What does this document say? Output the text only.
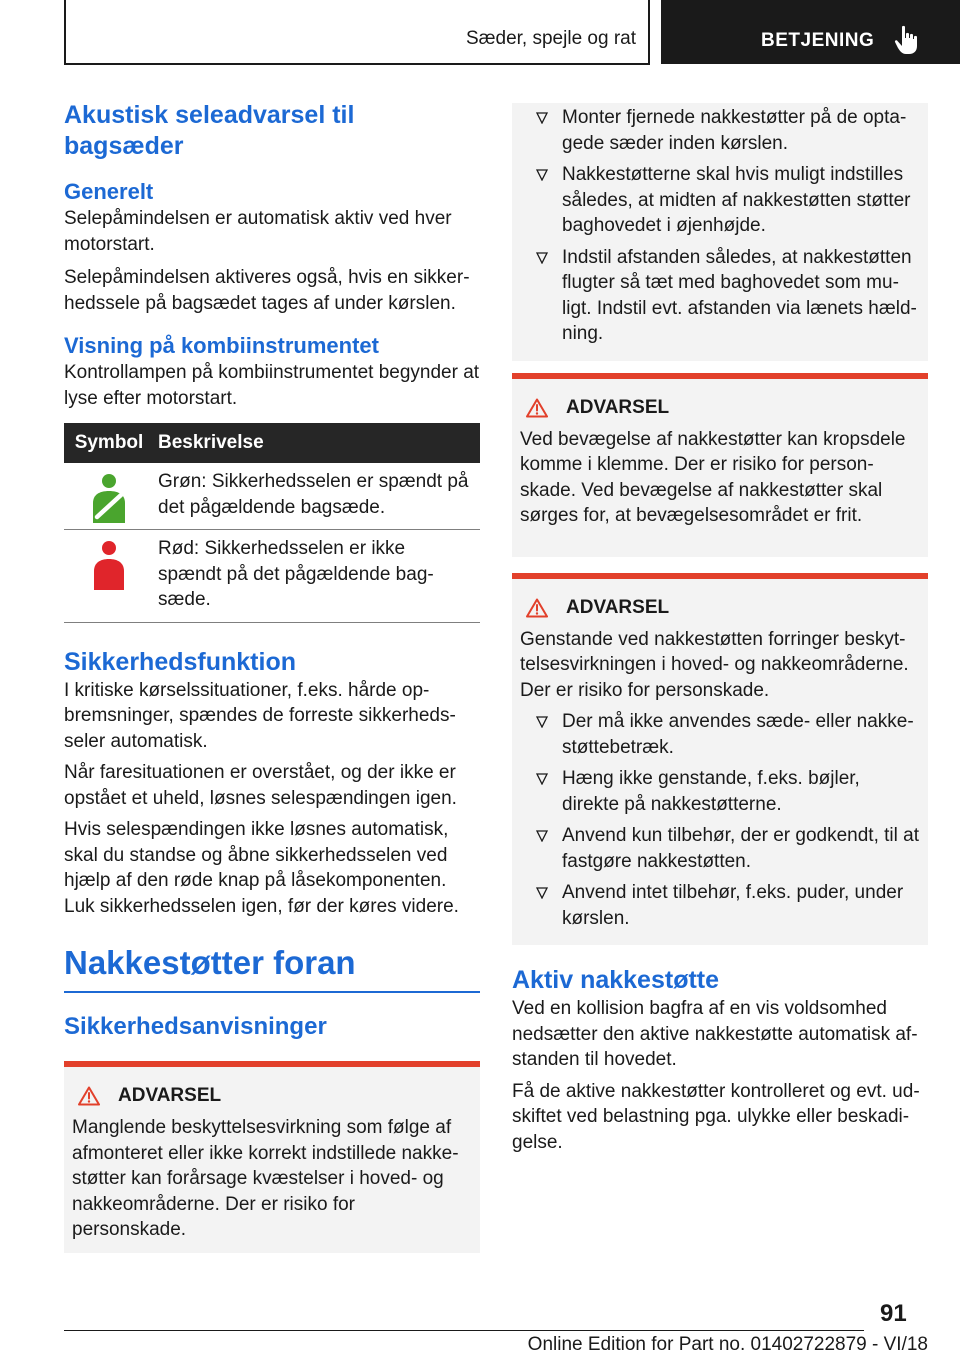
Sæder, spejle og rat	BETJENING
Akustisk seleadvarsel til bagsæder
Generelt
Selepåmindelsen er automatisk aktiv ved hver motorstart.
Selepåmindelsen aktiveres også, hvis en sikkerhedssele på bagsædet tages af under kørslen.
Visning på kombiinstrumentet
Kontrollampen på kombiinstrumentet begynder at lyse efter motorstart.
Symbol Beskrivelse
Grøn: Sikkerhedsselen er spændt på det pågældende bagsæde.
Rød: Sikkerhedsselen er ikke spændt på det pågældende bagsæde.
Sikkerhedsfunktion
I kritiske kørselssituationer, f.eks. hårde opbremsninger, spændes de forreste sikkerhedsseler automatisk.
Når faresituationen er overstået, og der ikke er opstået et uheld, løsnes selespændingen igen.
Hvis selespændingen ikke løsnes automatisk, skal du standse og åbne sikkerhedsselen ved hjælp af den røde knap på låsekomponenten. Luk sikkerhedsselen igen, før der køres videre.
Nakkestøtter foran
Sikkerhedsanvisninger
ADVARSEL
Manglende beskyttelsesvirkning som følge af afmonteret eller ikke korrekt indstillede nakkestøtter kan forårsage kvæstelser i hoved- og nakkeområderne. Der er risiko for personskade.
Monter fjernede nakkestøtter på de optagede sæder inden kørslen.
Nakkestøtterne skal hvis muligt indstilles således, at midten af nakkestøtten støtter baghovedet i øjenhøjde.
Indstil afstanden således, at nakkestøtten flugter så tæt med baghovedet som muligt. Indstil evt. afstanden via lænets hældning.
ADVARSEL
Ved bevægelse af nakkestøtter kan kropsdele komme i klemme. Der er risiko for personskade. Ved bevægelse af nakkestøtter skal sørges for, at bevægelsesområdet er frit.
ADVARSEL
Genstande ved nakkestøtten forringer beskyttelsesvirkningen i hoved- og nakkeområderne. Der er risiko for personskade.
Der må ikke anvendes sæde- eller nakkestøttebetræk.
Hæng ikke genstande, f.eks. bøjler, direkte på nakkestøtterne.
Anvend kun tilbehør, der er godkendt, til at fastgøre nakkestøtten.
Anvend intet tilbehør, f.eks. puder, under kørslen.
Aktiv nakkestøtte
Ved en kollision bagfra af en vis voldsomhed nedsætter den aktive nakkestøtte automatisk afstanden til hovedet.
Få de aktive nakkestøtter kontrolleret og evt. udskiftet ved belastning pga. ulykke eller beskadigelse.
91
Online Edition for Part no. 01402722879 - VI/18
